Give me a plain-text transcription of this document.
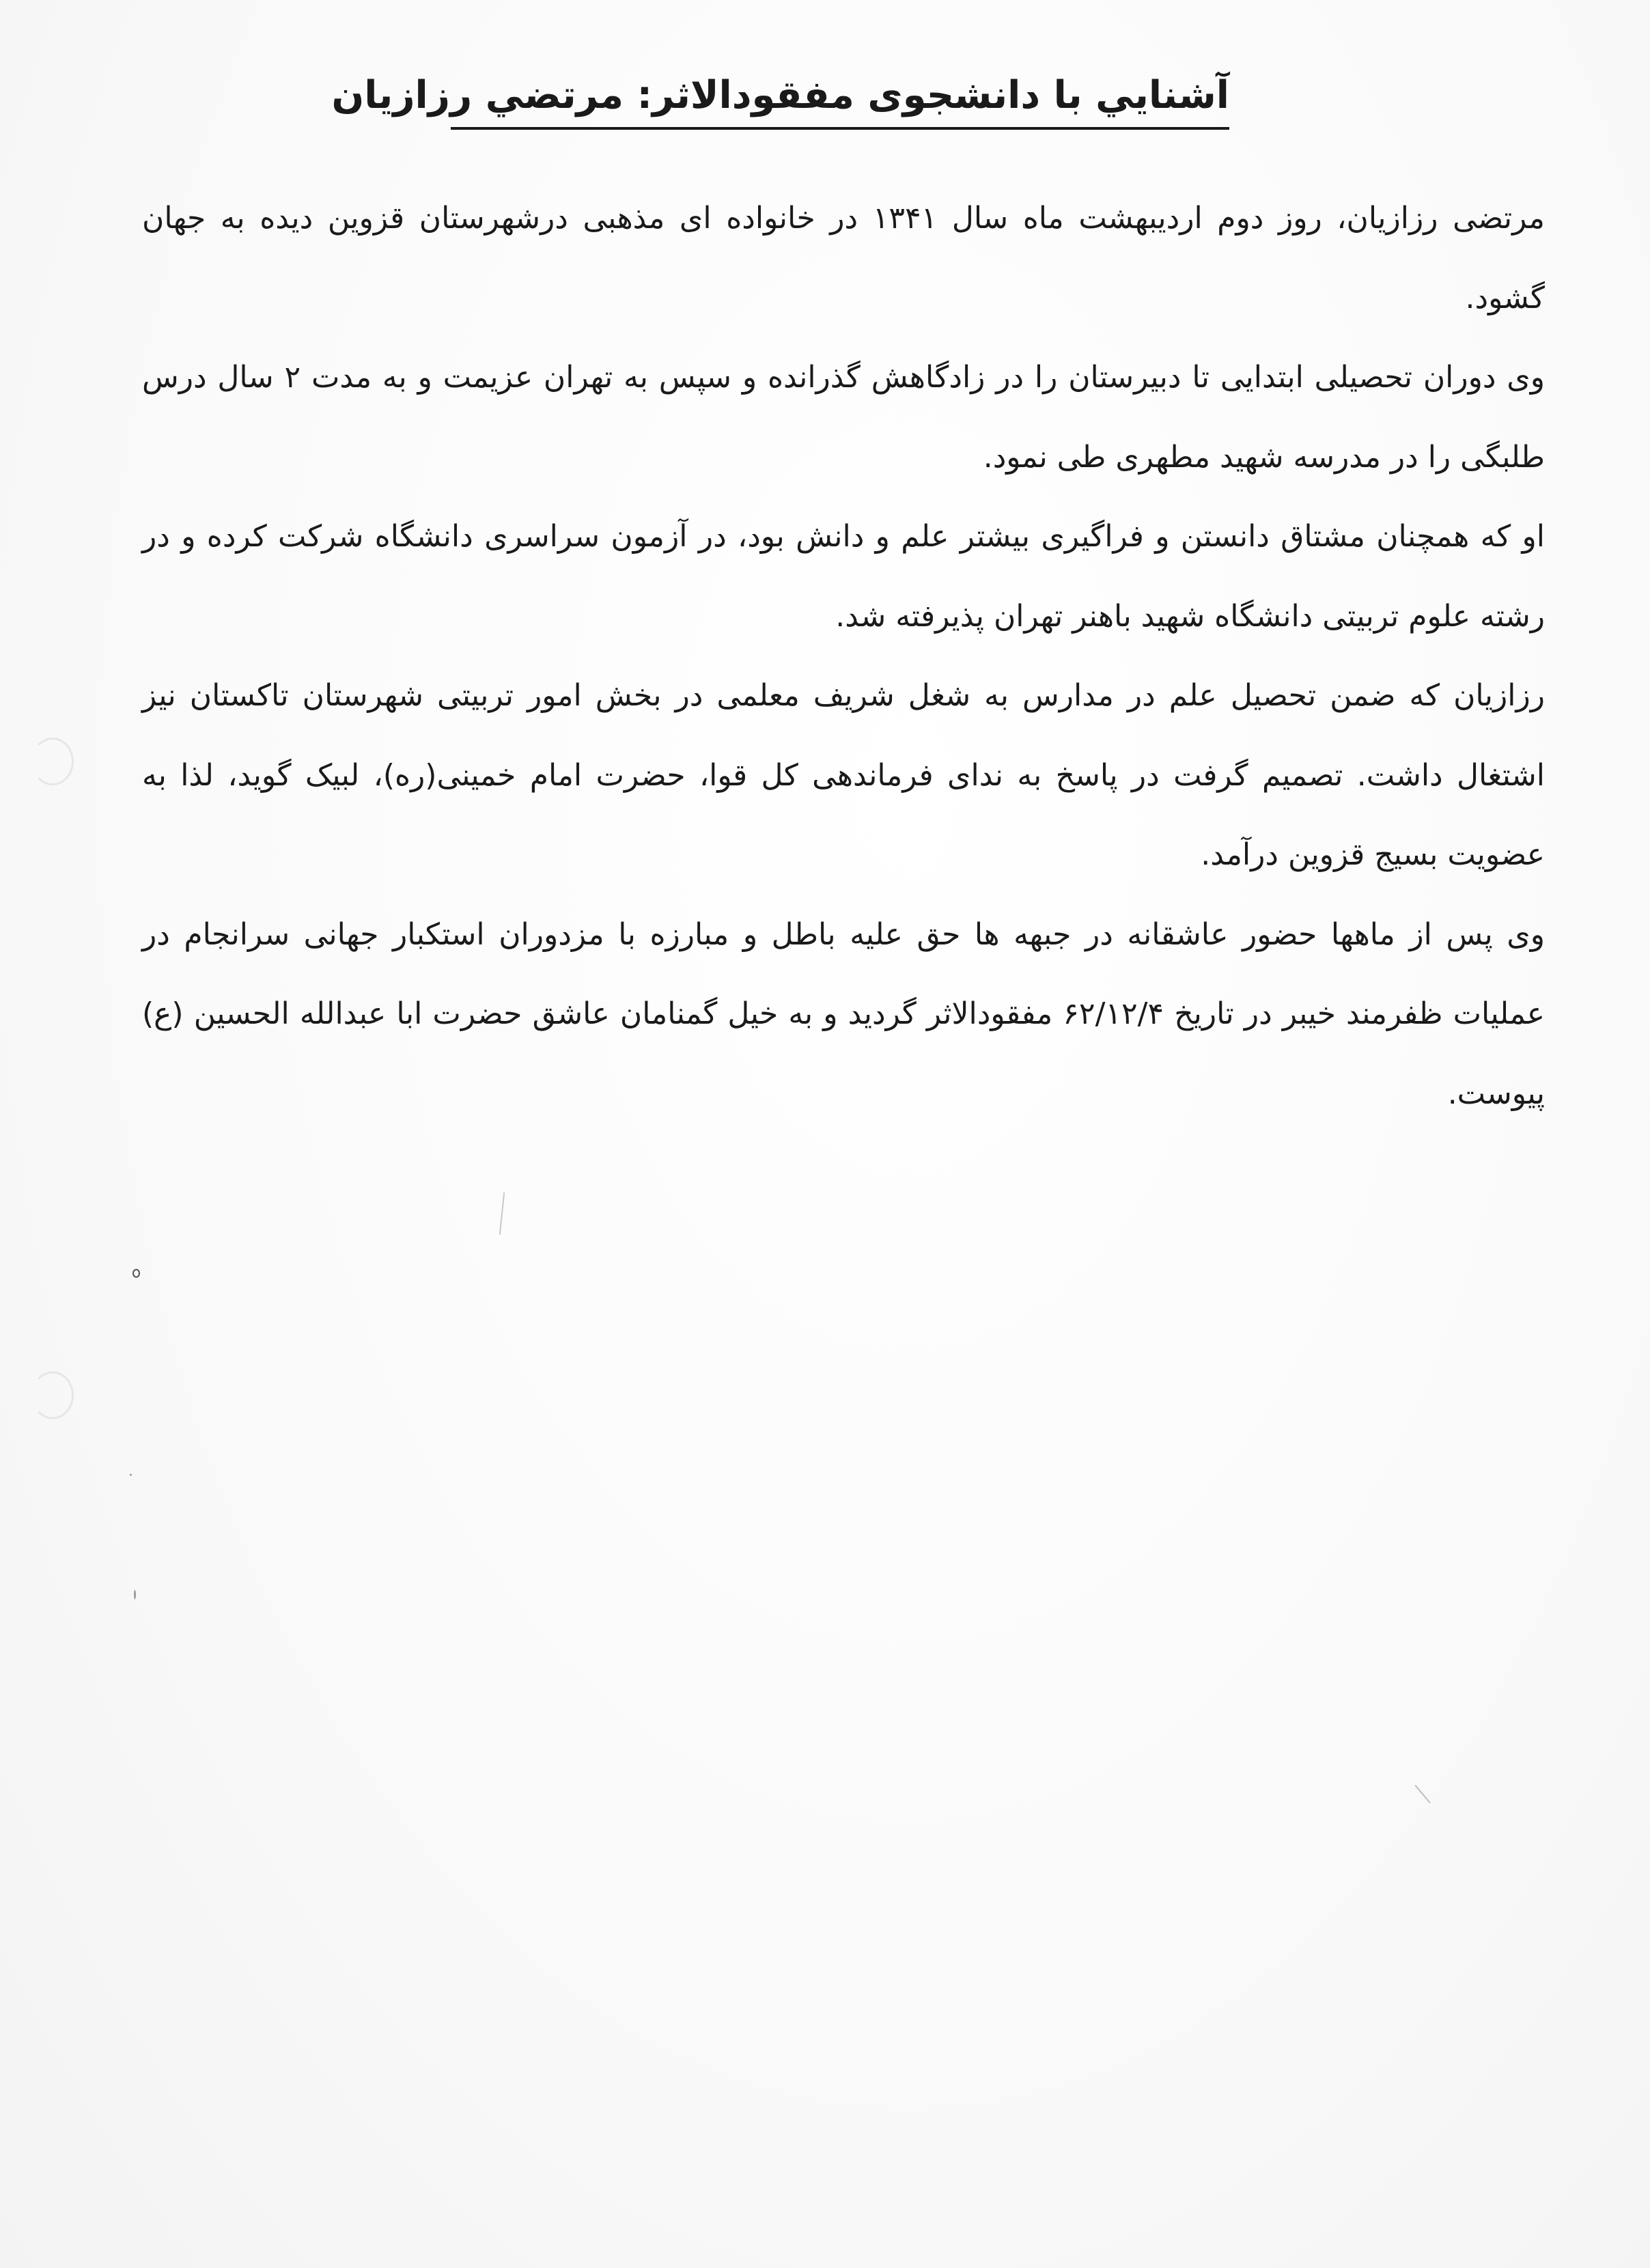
آشنايي با دانشجوی مفقودالاثر: مرتضي رزازيان

مرتضی رزازیان، روز دوم اردیبهشت ماه سال ۱۳۴۱ در خانواده ای مذهبی درشهرستان قزوین دیده به جهان گشود.

وی دوران تحصیلی ابتدایی تا دبیرستان را در زادگاهش گذرانده و سپس به تهران عزیمت و به مدت ۲ سال درس طلبگی را در مدرسه شهید مطهری طی نمود.

او که همچنان مشتاق دانستن و فراگیری بیشتر علم و دانش بود، در آزمون سراسری دانشگاه شرکت کرده و در رشته علوم تربیتی دانشگاه شهید باهنر تهران پذیرفته شد.

رزازیان که ضمن تحصیل علم در مدارس به شغل شریف معلمی در بخش امور تربیتی شهرستان تاکستان نیز اشتغال داشت. تصمیم گرفت در پاسخ به ندای فرماندهی کل قوا، حضرت امام خمینی(ره)، لبیک گوید، لذا به عضویت بسیج قزوین درآمد.

وی پس از ماهها حضور عاشقانه در جبهه ها حق علیه باطل و مبارزه با مزدوران استکبار جهانی سرانجام در عملیات ظفرمند خیبر در تاریخ ۶۲/۱۲/۴ مفقودالاثر گردید و به خیل گمنامان عاشق حضرت ابا عبدالله الحسین (ع) پیوست.
